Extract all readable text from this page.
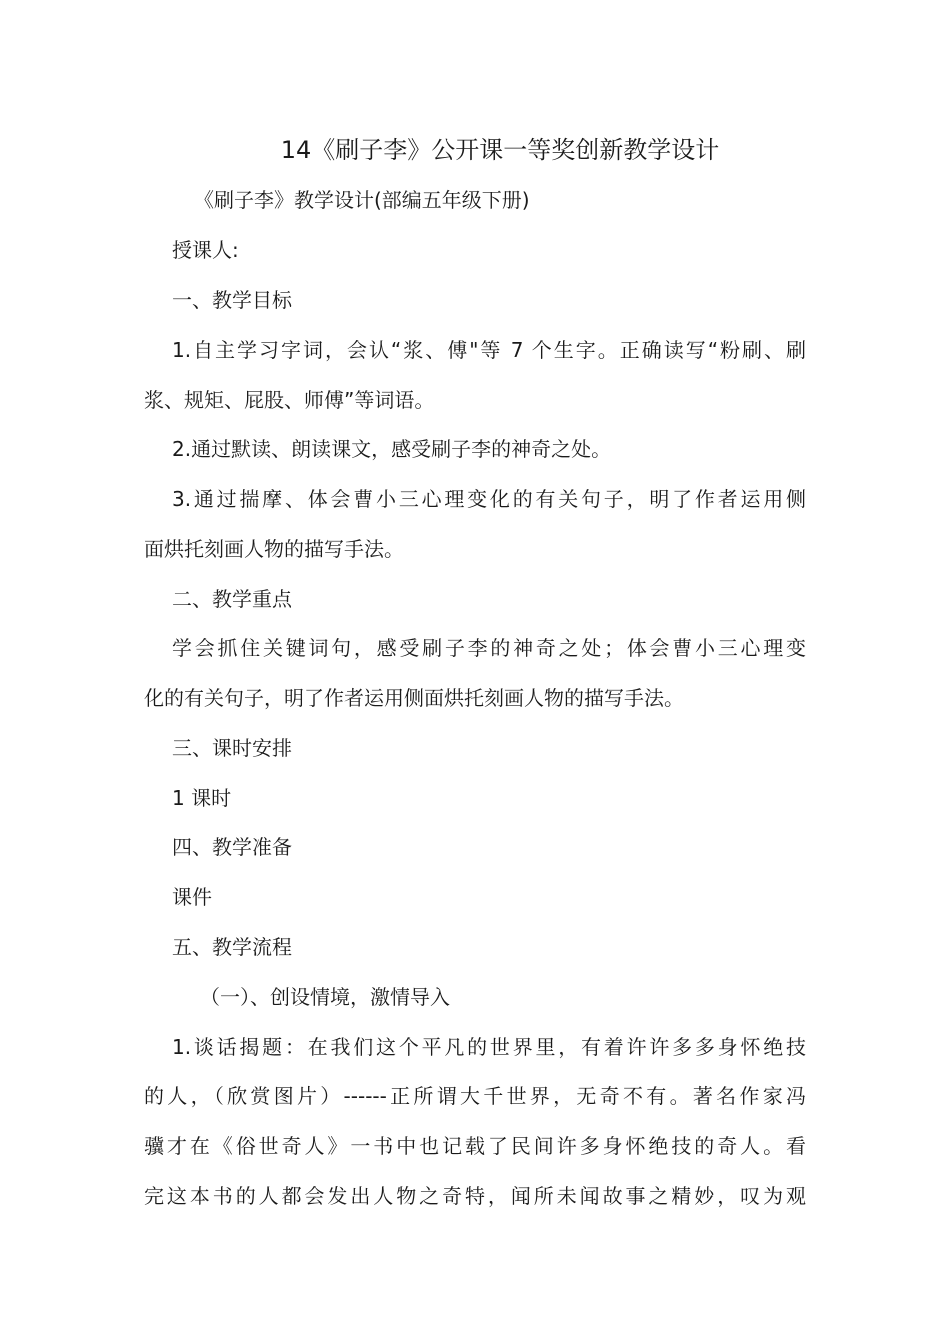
14《刷子李》公开课一等奖创新教学设计
《刷子李》教学设计(部编五年级下册)
授课人:
一、教学目标
1.自主学习字词，会认“浆、傅"等 7 个生字。正确读写“粉刷、刷
浆、规矩、屁股、师傅”等词语。
2.通过默读、朗读课文，感受刷子李的神奇之处。
3.通过揣摩、体会曹小三心理变化的有关句子，明了作者运用侧
面烘托刻画人物的描写手法。
二、教学重点
学会抓住关键词句，感受刷子李的神奇之处；体会曹小三心理变
化的有关句子，明了作者运用侧面烘托刻画人物的描写手法。
三、课时安排
1 课时
四、教学准备
课件
五、教学流程
（一）、创设情境，激情导入
1.谈话揭题：在我们这个平凡的世界里，有着许许多多身怀绝技
的人，（欣赏图片）------正所谓大千世界，无奇不有。著名作家冯
骥才在《俗世奇人》一书中也记载了民间许多身怀绝技的奇人。看
完这本书的人都会发出人物之奇特，闻所未闻故事之精妙，叹为观
